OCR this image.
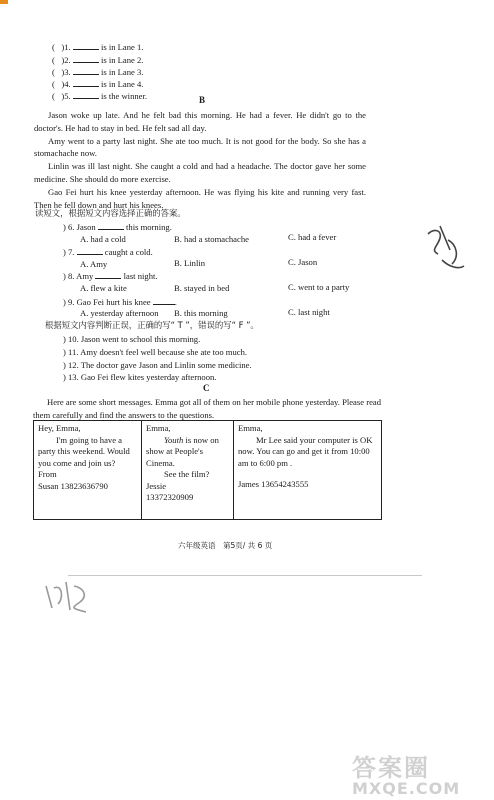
( )1.	is in Lane 1.
( )2.	is in Lane 2.
( )3.	is in Lane 3.
( )4.	is in Lane 4.
( )5.	is the winner.	B

Jason woke up late. And he felt bad this morning. He had a fever. He didn't go to the doctor's. He had to stay in bed. He felt sad all day.

Amy went to a party last night. She ate too much. It is not good for the body. So she has a stomachache now.

Linlin was ill last night. She caught a cold and had a headache. The doctor gave her some medicine. She should do more exercise.

Gao Fei hurt his knee yesterday afternoon. He was flying his kite and running very fast. Then he fell down and hurt his knees.

读短文，根据短文内容选择正确的答案。
) 6. Jason	this morning.
A. had a cold	B. had a stomachache	C. had a fever
) 7.	caught a cold.
A. Amy	B. Linlin	C. Jason
) 8. Amy	last night.
A. flew a kite	B. stayed in bed	C. went to a party
) 9. Gao Fei hurt his knee	.
A. yesterday afternoon B. this morning	C. last night
根据短文内容判断正误，正确的写“ T ”，错误的写“ F ”。
) 10. Jason went to school this morning.
) 11. Amy doesn't feel well because she ate too much.
) 12. The doctor gave Jason and Linlin some medicine.
) 13. Gao Fei flew kites yesterday afternoon.
C

Here are some short messages. Emma got all of them on her mobile phone yesterday. Please read them carefully and find the answers to the questions.

Hey, Emma,

I'm going to have a party this weekend. Would you come and join us?

From

Susan 13823636790

Emma,

Youth is now on show at People's Cinema.

See the film?

Jessie

13372320909

Emma,

Mr Lee said your computer is OK now. You can go and get it from 10:00 am to 6:00 pm .

James 13654243555

六年级英语　第5页/ 共 6 页
答案圈
MXQE.COM
